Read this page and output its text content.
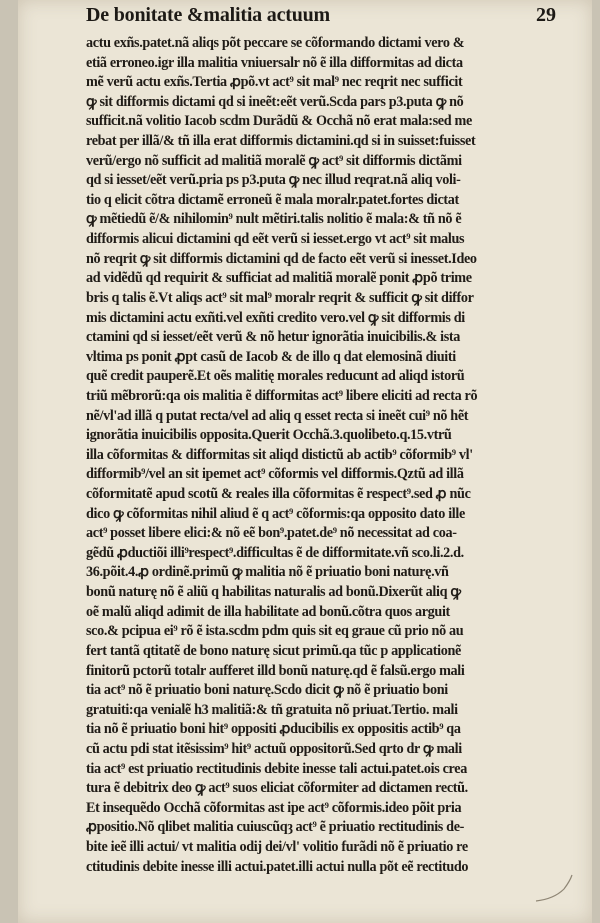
De bonitate &malitia actuum	29
actu exñs.patet.nã aliqs põt peccare se cõformando dictami vero &
etiã erroneo.igr illa malitia vniuersalr nõ ẽ illa difformitas ad dicta
mẽ verũ actu exñs.Tertia ꝓpõ.vt act⁹ sit mal⁹ nec reqrit nec sufficit
ꝙ sit difformis dictami qd si ineẽt:eẽt verũ.Scda pars p3.puta ꝙ nõ
sufficit.nã volitio Iacob scdm Durãdũ & Occhã nõ erat mala:sed me
rebat per illã/& tñ illa erat difformis dictamini.qd si in suisset:fuisset
verũ/ergo nõ sufficit ad malitiã moralẽ ꝙ act⁹ sit difformis dictãmi
qd si iesset/eẽt verũ.pria ps p3.puta ꝙ nec illud reqrat.nã aliq voli-
tio q elicit cõtra dictamẽ erroneũ ẽ mala moralr.patet.fortes dictat
ꝙ mẽtiedũ ẽ/& nihilomin⁹ nult mẽtiri.talis nolitio ẽ mala:& tñ nõ ẽ
difformis alicui dictamini qd eẽt verũ si iesset.ergo vt act⁹ sit malus
nõ reqrit ꝙ sit difformis dictamini qd de facto eẽt verũ si inesset.Ideo
ad vidẽdũ qd requirit & sufficiat ad malitiã moralẽ ponit ꝓpõ trime
bris q talis ẽ.Vt aliqs act⁹ sit mal⁹ moralr reqrit & sufficit ꝙ sit diffor
mis dictamini actu exñti.vel exñti credito vero.vel ꝙ sit difformis di
ctamini qd si iesset/eẽt verũ & nõ hetur ignorãtia inuicibilis.& ista
vltima ps ponit ꝓpt casũ de Iacob & de illo q dat elemosinã diuiti
quẽ credit pauperẽ.Et oẽs malitię morales reducunt ad aliqd istorũ
triũ mẽbrorũ:qa ois malitia ẽ difformitas act⁹ libere eliciti ad recta rõ
nẽ/vl'ad illã q putat recta/vel ad aliq q esset recta si ineẽt cui⁹ nõ hẽt
ignorãtia inuicibilis opposita.Querit Occhã.3.quolibeto.q.15.vtrũ
illa cõformitas & difformitas sit aliqd distictũ ab actib⁹ cõformib⁹ vl'
difformib⁹/vel an sit ipemet act⁹ cõformis vel difformis.Qztũ ad illã
cõformitatẽ apud scotũ & reales illa cõformitas ẽ respect⁹.sed ꝓ nũc
dico ꝙ cõformitas nihil aliud ẽ q act⁹ cõformis:qa opposito dato ille
act⁹ posset libere elici:& nõ eẽ bon⁹.patet.de⁹ nõ necessitat ad coa-
gẽdũ ꝓductiõi illi⁹respect⁹.difficultas ẽ de difformitate.vñ sco.li.2.d.
36.põit.4.ꝓ ordinẽ.primũ ꝙ malitia nõ ẽ priuatio boni naturę.vñ
bonũ naturę nõ ẽ aliũ q habilitas naturalis ad bonũ.Dixerũt aliq ꝙ
oẽ malũ aliqd adimit de illa habilitate ad bonũ.cõtra quos arguit
sco.& pcipua ei⁹ rõ ẽ ista.scdm pdm quis sit eq graue cũ prio nõ au
fert tantã qtitatẽ de bono naturę sicut primũ.qa tũc p applicationẽ
finitorũ pctorũ totalr aufferet illd bonũ naturę.qd ẽ falsũ.ergo mali
tia act⁹ nõ ẽ priuatio boni naturę.Scdo dicit ꝙ nõ ẽ priuatio boni
gratuiti:qa venialẽ h3 malitiã:& tñ gratuita nõ priuat.Tertio. mali
tia nõ ẽ priuatio boni hit⁹ oppositi ꝓducibilis ex oppositis actib⁹ qa
cũ actu pdi stat itẽsissim⁹ hit⁹ actuũ oppositorũ.Sed qrto dr ꝙ mali
tia act⁹ est priuatio rectitudinis debite inesse tali actui.patet.ois crea
tura ẽ debitrix deo ꝙ act⁹ suos eliciat cõformiter ad dictamen rectũ.
Et insequẽdo Occhã cõformitas ast ipe act⁹ cõformis.ideo põit pria
ꝓpositio.Nõ qlibet malitia cuiuscũqȝ act⁹ ẽ priuatio rectitudinis de-
bite ieẽ illi actui/ vt malitia odij dei/vl' volitio furãdi nõ ẽ priuatio re
ctitudinis debite inesse illi actui.patet.illi actui nulla põt eẽ rectitudo
